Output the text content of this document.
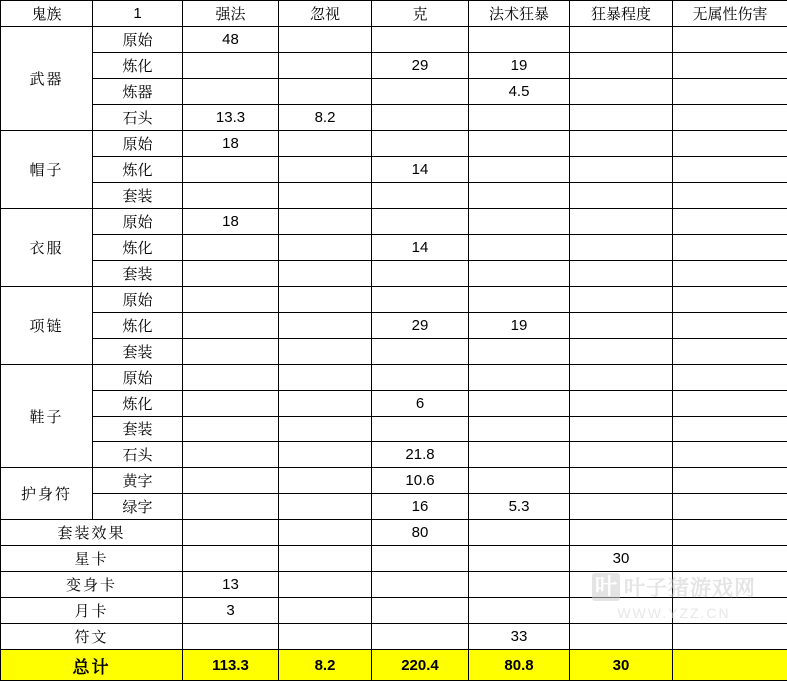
鬼族	1	强法	忽视	克	法术狂暴	狂暴程度	无属性伤害
武器	原始	48					
	炼化			29	19		
	炼器				4.5		
	石头	13.3	8.2				
帽子	原始	18					
	炼化			14			
	套装						
衣服	原始	18					
	炼化			14			
	套装						
项链	原始						
	炼化			29	19		
	套装						
鞋子	原始						
	炼化			6			
	套装						
	石头			21.8			
护身符	黄字			10.6			
	绿字			16	5.3		
套装效果				80			
星卡						30	
变身卡		13					
月卡		3					
符文					33		
总计		113.3	8.2	220.4	80.8	30	
叶 叶子猪游戏网
WWW.YZZ.CN
